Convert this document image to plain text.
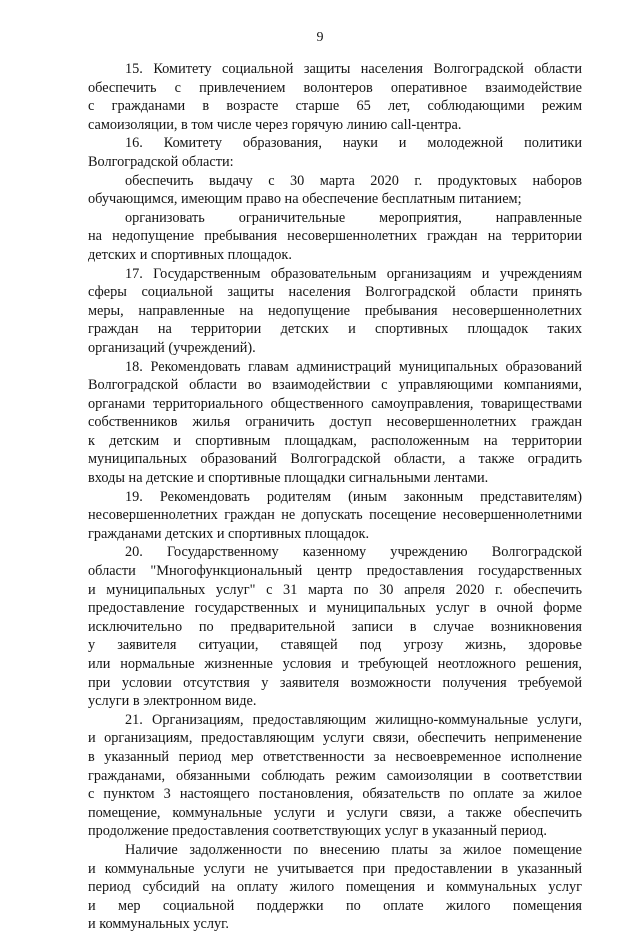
9
15. Комитету социальной защиты населения Волгоградской области
обеспечить с привлечением волонтеров оперативное взаимодействие
с гражданами в возрасте старше 65 лет, соблюдающими режим
самоизоляции, в том числе через горячую линию call-центра.
16. Комитету образования, науки и молодежной политики
Волгоградской области:
обеспечить выдачу с 30 марта 2020 г. продуктовых наборов
обучающимся, имеющим право на обеспечение бесплатным питанием;
организовать ограничительные мероприятия, направленные
на недопущение пребывания несовершеннолетних граждан на территории
детских и спортивных площадок.
17. Государственным образовательным организациям и учреждениям
сферы социальной защиты населения Волгоградской области принять
меры, направленные на недопущение пребывания несовершеннолетних
граждан на территории детских и спортивных площадок таких
организаций (учреждений).
18. Рекомендовать главам администраций муниципальных образований
Волгоградской области во взаимодействии с управляющими компаниями,
органами территориального общественного самоуправления, товариществами
собственников жилья ограничить доступ несовершеннолетних граждан
к детским и спортивным площадкам, расположенным на территории
муниципальных образований Волгоградской области, а также оградить
входы на детские и спортивные площадки сигнальными лентами.
19. Рекомендовать родителям (иным законным представителям)
несовершеннолетних граждан не допускать посещение несовершеннолетними
гражданами детских и спортивных площадок.
20. Государственному казенному учреждению Волгоградской
области "Многофункциональный центр предоставления государственных
и муниципальных услуг" с 31 марта по 30 апреля 2020 г. обеспечить
предоставление государственных и муниципальных услуг в очной форме
исключительно по предварительной записи в случае возникновения
у заявителя ситуации, ставящей под угрозу жизнь, здоровье
или нормальные жизненные условия и требующей неотложного решения,
при условии отсутствия у заявителя возможности получения требуемой
услуги в электронном виде.
21. Организациям, предоставляющим жилищно-коммунальные услуги,
и организациям, предоставляющим услуги связи, обеспечить неприменение
в указанный период мер ответственности за несвоевременное исполнение
гражданами, обязанными соблюдать режим самоизоляции в соответствии
с пунктом 3 настоящего постановления, обязательств по оплате за жилое
помещение, коммунальные услуги и услуги связи, а также обеспечить
продолжение предоставления соответствующих услуг в указанный период.
Наличие задолженности по внесению платы за жилое помещение
и коммунальные услуги не учитывается при предоставлении в указанный
период субсидий на оплату жилого помещения и коммунальных услуг
и мер социальной поддержки по оплате жилого помещения
и коммунальных услуг.
